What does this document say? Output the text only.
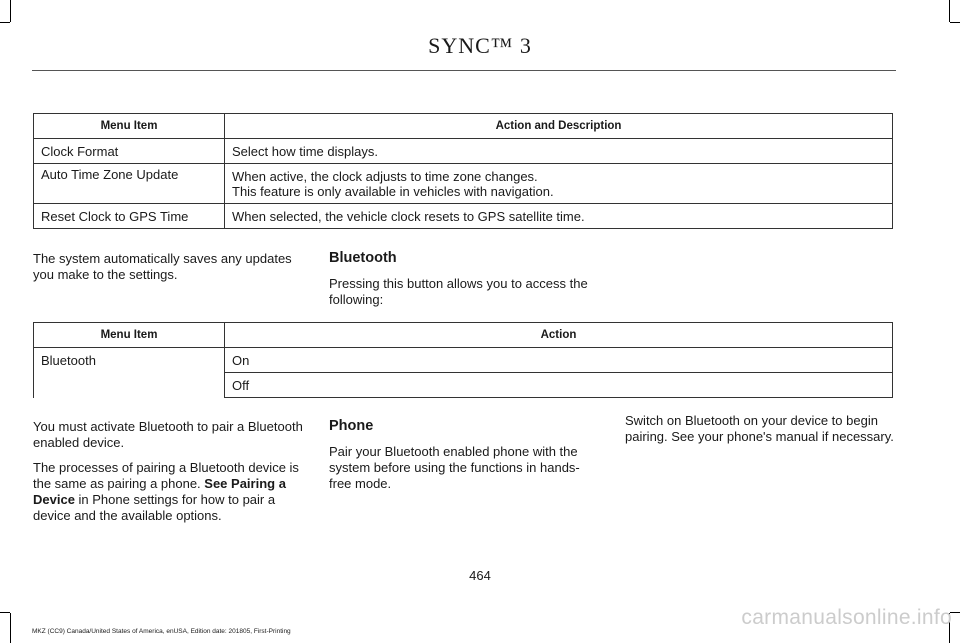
SYNC™ 3
Menu Item	Action and Description
Clock Format	Select how time displays.
Auto Time Zone Update	When active, the clock adjusts to time zone changes.
This feature is only available in vehicles with navigation.

Reset Clock to GPS Time	When selected, the vehicle clock resets to GPS satellite time.

The system automatically saves any updates you make to the settings.

Bluetooth

Pressing this button allows you to access the following:

Menu Item	Action
Bluetooth	On
	Off

You must activate Bluetooth to pair a Bluetooth enabled device.

The processes of pairing a Bluetooth device is the same as pairing a phone. See Pairing a Device in Phone settings for how to pair a device and the available options.

Phone

Pair your Bluetooth enabled phone with the system before using the functions in hands-free mode.

Switch on Bluetooth on your device to begin pairing. See your phone's manual if necessary.

464
MKZ (CC9) Canada/United States of America, enUSA, Edition date: 201805, First-Printing
carmanualsonline.info
